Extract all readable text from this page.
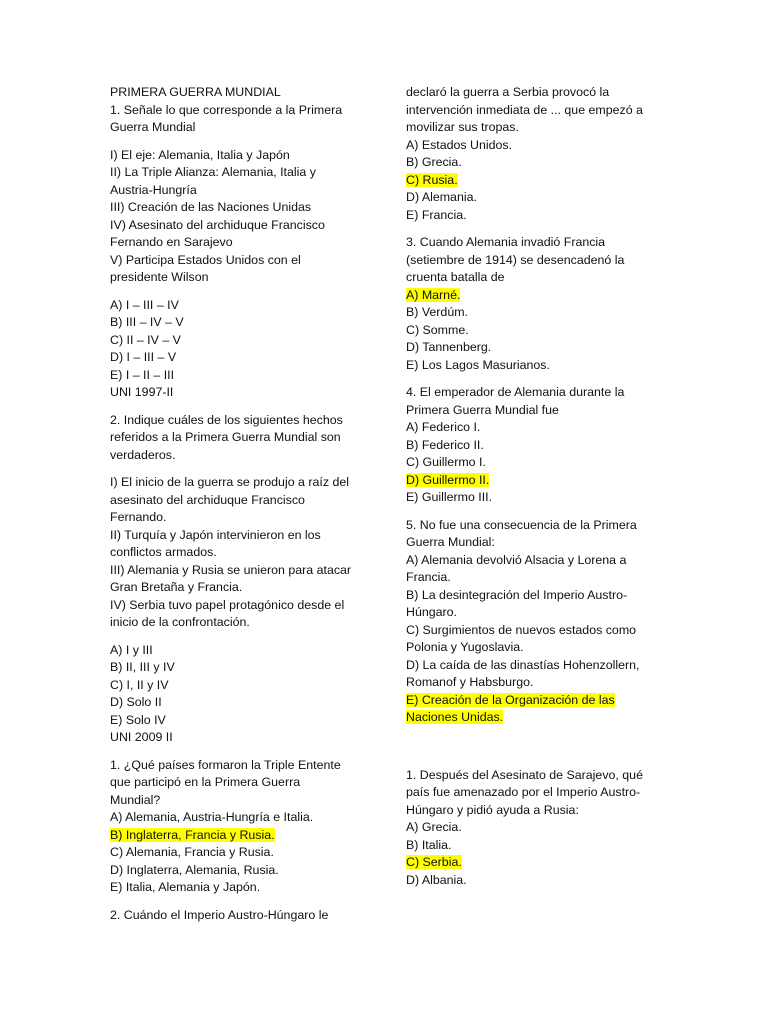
PRIMERA GUERRA MUNDIAL
1. Señale lo que corresponde a la Primera
Guerra Mundial
I) El eje: Alemania, Italia y Japón
II) La Triple Alianza: Alemania, Italia y
Austria-Hungría
III) Creación de las Naciones Unidas
IV) Asesinato del archiduque Francisco
Fernando en Sarajevo
V) Participa Estados Unidos con el
presidente Wilson
A) I – III – IV
B) III – IV – V
C) II – IV – V
D) I – III – V
E) I – II – III
UNI 1997-II
2. Indique cuáles de los siguientes hechos
referidos a la Primera Guerra Mundial son
verdaderos.
I) El inicio de la guerra se produjo a raíz del
asesinato del archiduque Francisco
Fernando.
II) Turquía y Japón intervinieron en los
conflictos armados.
III) Alemania y Rusia se unieron para atacar
Gran Bretaña y Francia.
IV) Serbia tuvo papel protagónico desde el
inicio de la confrontación.
A) I y III
B) II, III y IV
C) I, II y IV
D) Solo II
E) Solo IV
UNI 2009 II
1. ¿Qué países formaron la Triple Entente
que participó en la Primera Guerra
Mundial?
A) Alemania, Austria-Hungría e Italia.
B) Inglaterra, Francia y Rusia.
C) Alemania, Francia y Rusia.
D) Inglaterra, Alemania, Rusia.
E) Italia, Alemania y Japón.
2. Cuándo el Imperio Austro-Húngaro le
declaró la guerra a Serbia provocó la
intervención inmediata de ... que empezó a
movilizar sus tropas.
A) Estados Unidos.
B) Grecia.
C) Rusia.
D) Alemania.
E) Francia.
3. Cuando Alemania invadió Francia
(setiembre de 1914) se desencadenó la
cruenta batalla de
A) Marné.
B) Verdúm.
C) Somme.
D) Tannenberg.
E) Los Lagos Masurianos.
4. El emperador de Alemania durante la
Primera Guerra Mundial fue
A) Federico I.
B) Federico II.
C) Guillermo I.
D) Guillermo II.
E) Guillermo III.
5. No fue una consecuencia de la Primera
Guerra Mundial:
A) Alemania devolvió Alsacia y Lorena a
Francia.
B) La desintegración del Imperio Austro-
Húngaro.
C) Surgimientos de nuevos estados como
Polonia y Yugoslavia.
D) La caída de las dinastías Hohenzollern,
Romanof y Habsburgo.
E) Creación de la Organización de las
Naciones Unidas.
1. Después del Asesinato de Sarajevo, qué
país fue amenazado por el Imperio Austro-
Húngaro y pidió ayuda a Rusia:
A) Grecia.
B) Italia.
C) Serbia.
D) Albania.
